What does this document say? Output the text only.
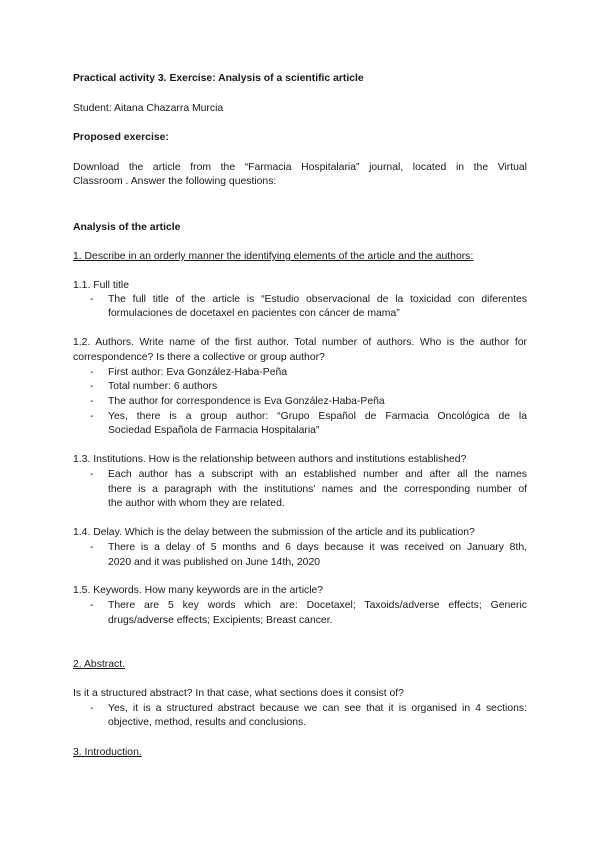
Practical activity 3. Exercise: Analysis of a scientific article
Student: Aitana Chazarra Murcia
Proposed exercise:
Download the article from the “Farmacia Hospitalaria” journal, located in the Virtual
Classroom . Answer the following questions:
Analysis of the article
1. Describe in an orderly manner the identifying elements of the article and the authors:
1.1. Full title
- The full title of the article is “Estudio observacional de la toxicidad con diferentes
formulaciones de docetaxel en pacientes con cáncer de mama”
1.2. Authors. Write name of the first author. Total number of authors. Who is the author for
correspondence? Is there a collective or group author?
- First author: Eva González-Haba-Peña
- Total number: 6 authors
- The author for correspondence is Eva González-Haba-Peña
- Yes, there is a group author: “Grupo Español de Farmacia Oncológica de la
Sociedad Española de Farmacia Hospitalaria”
1.3. Institutions. How is the relationship between authors and institutions established?
- Each author has a subscript with an established number and after all the names
there is a paragraph with the institutions' names and the corresponding number of
the author with whom they are related.
1.4. Delay. Which is the delay between the submission of the article and its publication?
- There is a delay of 5 months and 6 days because it was received on January 8th,
2020 and it was published on June 14th, 2020
1.5. Keywords. How many keywords are in the article?
- There are 5 key words which are: Docetaxel; Taxoids/adverse effects; Generic
drugs/adverse effects; Excipients; Breast cancer.
2. Abstract.
Is it a structured abstract? In that case, what sections does it consist of?
- Yes, it is a structured abstract because we can see that it is organised in 4 sections:
objective, method, results and conclusions.
3. Introduction.
